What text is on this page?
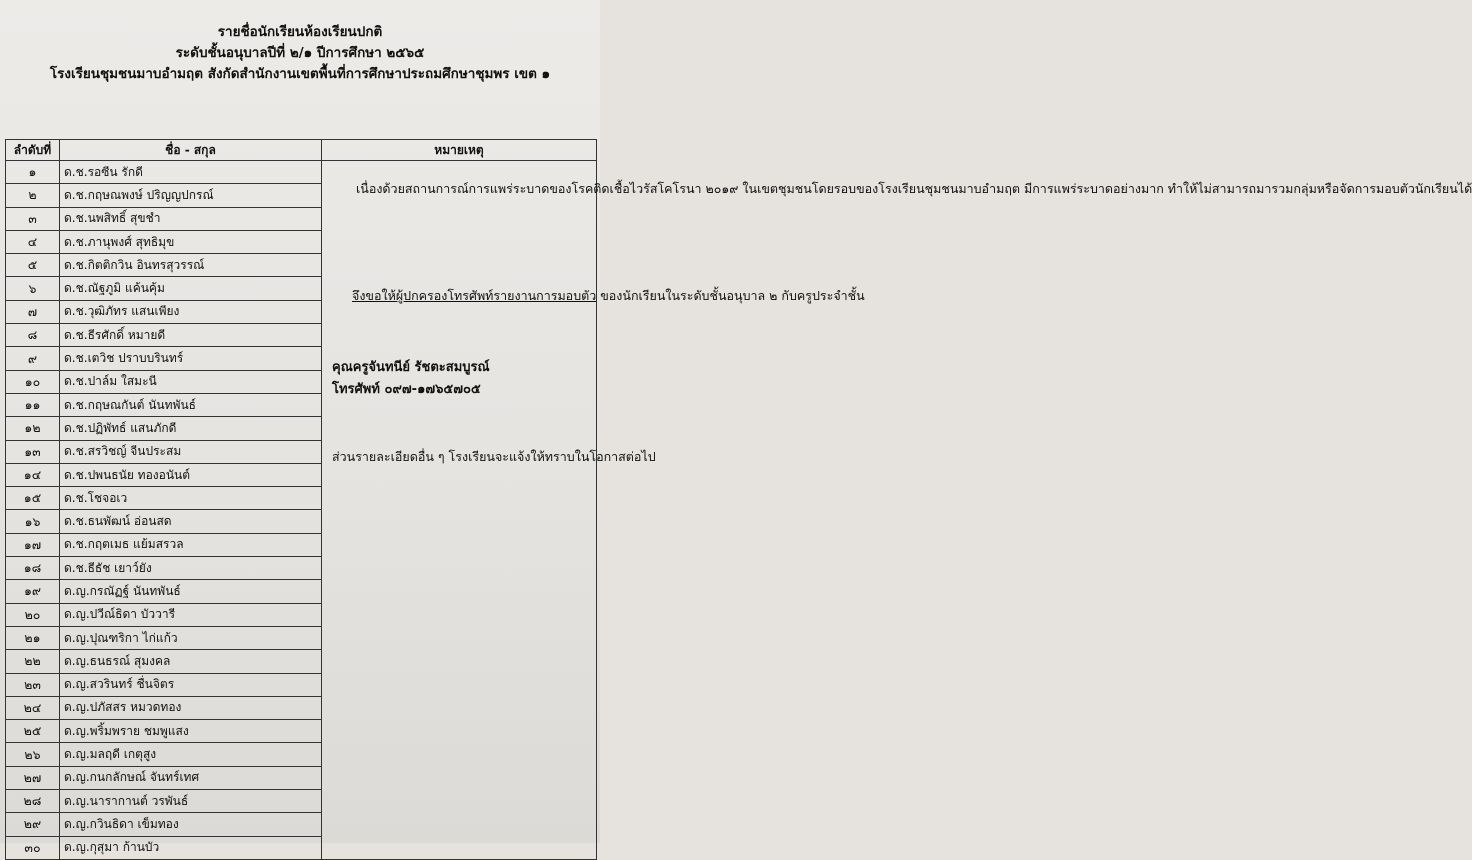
รายชื่อนักเรียนห้องเรียนปกติ
ระดับชั้นอนุบาลปีที่ ๒/๑ ปีการศึกษา ๒๕๖๕
โรงเรียนชุมชนมาบอำมฤต สังกัดสำนักงานเขตพื้นที่การศึกษาประถมศึกษาชุมพร เขต ๑
ลำดับที่	ชื่อ - สกุล	หมายเหตุ
๑	ด.ช.รอซีน รักดี	เนื่องด้วยสถานการณ์การแพร่ระบาดของโรคติดเชื้อไวรัสโคโรนา ๒๐๑๙ ในเขตชุมชนโดยรอบของโรงเรียนชุมชนมาบอำมฤต มีการแพร่ระบาดอย่างมาก ทำให้ไม่สามารถมารวมกลุ่มหรือจัดการมอบตัวนักเรียนได้
จึงขอให้ผู้ปกครองโทรศัพท์รายงานการมอบตัว ของนักเรียนในระดับชั้นอนุบาล ๒ กับครูประจำชั้น
คุณครูจันทนีย์ รัชตะสมบูรณ์
โทรศัพท์ ๐๙๗-๑๗๖๕๗๐๕
ส่วนรายละเอียดอื่น ๆ โรงเรียนจะแจ้งให้ทราบในโอกาสต่อไป

๒	ด.ช.กฤษณพงษ์ ปริญญปกรณ์	
๓	ด.ช.นพสิทธิ์ สุขชำ	
๔	ด.ช.ภานุพงศ์ สุทธิมุข	
๕	ด.ช.กิตติกวิน อินทรสุวรรณ์	
๖	ด.ช.ณัฐภูมิ แค้นคุ้ม	
๗	ด.ช.วุฒิภัทร แสนเพียง	
๘	ด.ช.ธีรศักดิ์ หมายดี	
๙	ด.ช.เตวิช ปราบบรินทร์	
๑๐	ด.ช.ปาล์ม ใสมะนี	
๑๑	ด.ช.กฤษณกันต์ นันทพันธ์	
๑๒	ด.ช.ปฏิพัทธ์ แสนภักดี	
๑๓	ด.ช.สรวิชญ์ จีนประสม	
๑๔	ด.ช.ปพนธนัย ทองอนันต์	
๑๕	ด.ช.โชจอเว	
๑๖	ด.ช.ธนพัฒน์ อ่อนสด	
๑๗	ด.ช.กฤตเมธ แย้มสรวล	
๑๘	ด.ช.ธีธัช เยาว์ยัง	
๑๙	ด.ญ.กรณัฏฐ์ นันทพันธ์	
๒๐	ด.ญ.ปวีณ์ธิดา บัววารี	
๒๑	ด.ญ.ปุณฑริกา ไก่แก้ว	
๒๒	ด.ญ.ธนธรณ์ สุมงคล	
๒๓	ด.ญ.สวรินทร์ ชื่นจิตร	
๒๔	ด.ญ.ปภัสสร หมวดทอง	
๒๕	ด.ญ.พริ้มพราย ชมพูแสง	
๒๖	ด.ญ.มลฤดี เกตุสูง	
๒๗	ด.ญ.กนกลักษณ์ จันทร์เทศ	
๒๘	ด.ญ.นารากานต์ วรพันธ์	
๒๙	ด.ญ.กวินธิดา เข็มทอง	
๓๐	ด.ญ.กุสุมา ก้านบัว	
